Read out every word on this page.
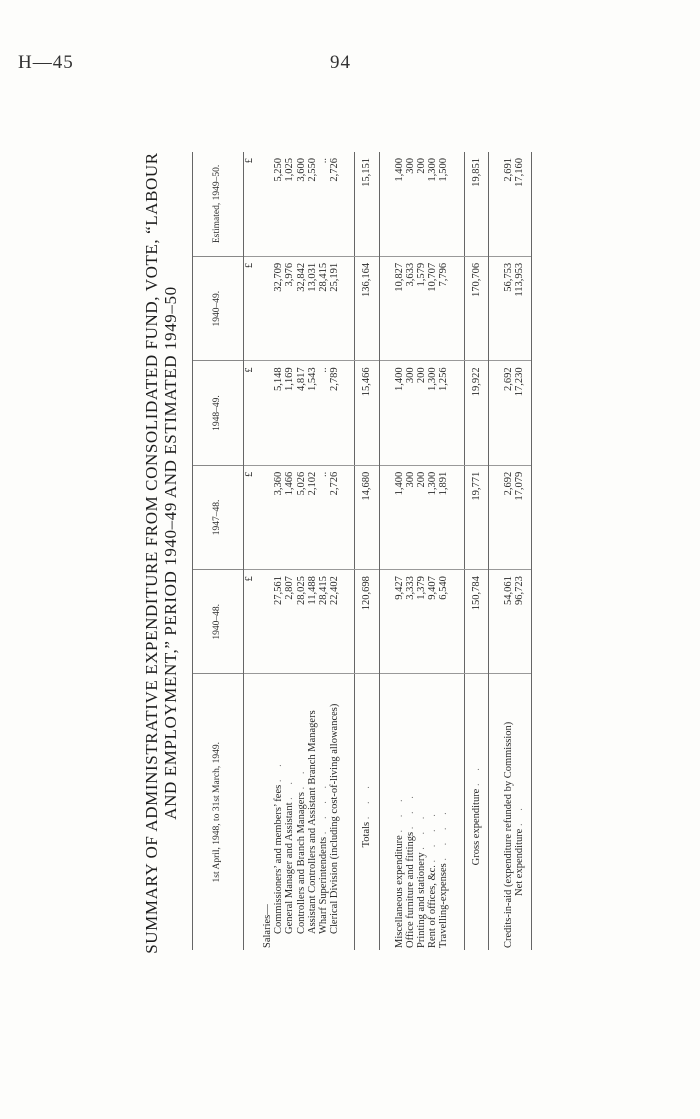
H—45	94
SUMMARY OF ADMINISTRATIVE EXPENDITURE FROM CONSOLIDATED FUND, VOTE, “LABOUR AND EMPLOYMENT,” PERIOD 1940–49 AND ESTIMATED 1949–50	1st April, 1948, to 31st March, 1949.	1940–48.	1947–48.	1948–49.	1940–49.	Estimated, 1949–50.
Salaries—	£	£	£	£	£
Commissioners’ and members’ fees . .	27,561	3,360	5,148	32,709	5,250
General Manager and Assistant . .	2,807	1,466	1,169	3,976	1,025
Controllers and Branch Managers . .	28,025	5,026	4,817	32,842	3,600
Assistant Controllers and Assistant Branch Managers	11,488	2,102	1,543	13,031	2,550
Wharf Superintendents . . . .	28,415	..	..	28,415	..
Clerical Division (including cost-of-living allowances)	22,402	2,726	2,789	25,191	2,726
Totals . . .	120,698	14,680	15,466	136,164	15,151
Miscellaneous expenditure . . .	9,427	1,400	1,400	10,827	1,400
Office furniture and fittings . . .	3,333	300	300	3,633	300
Printing and stationery . . .	1,379	200	200	1,579	200
Rent of offices, &c. . . . .	9,407	1,300	1,300	10,707	1,300
Travelling-expenses . . . .	6,540	1,891	1,256	7,796	1,500
Gross expenditure . .	150,784	19,771	19,922	170,706	19,851
Credits-in-aid (expenditure refunded by Commission)	54,061	2,692	2,692	56,753	2,691
Net expenditure . .	96,723	17,079	17,230	113,953	17,160
